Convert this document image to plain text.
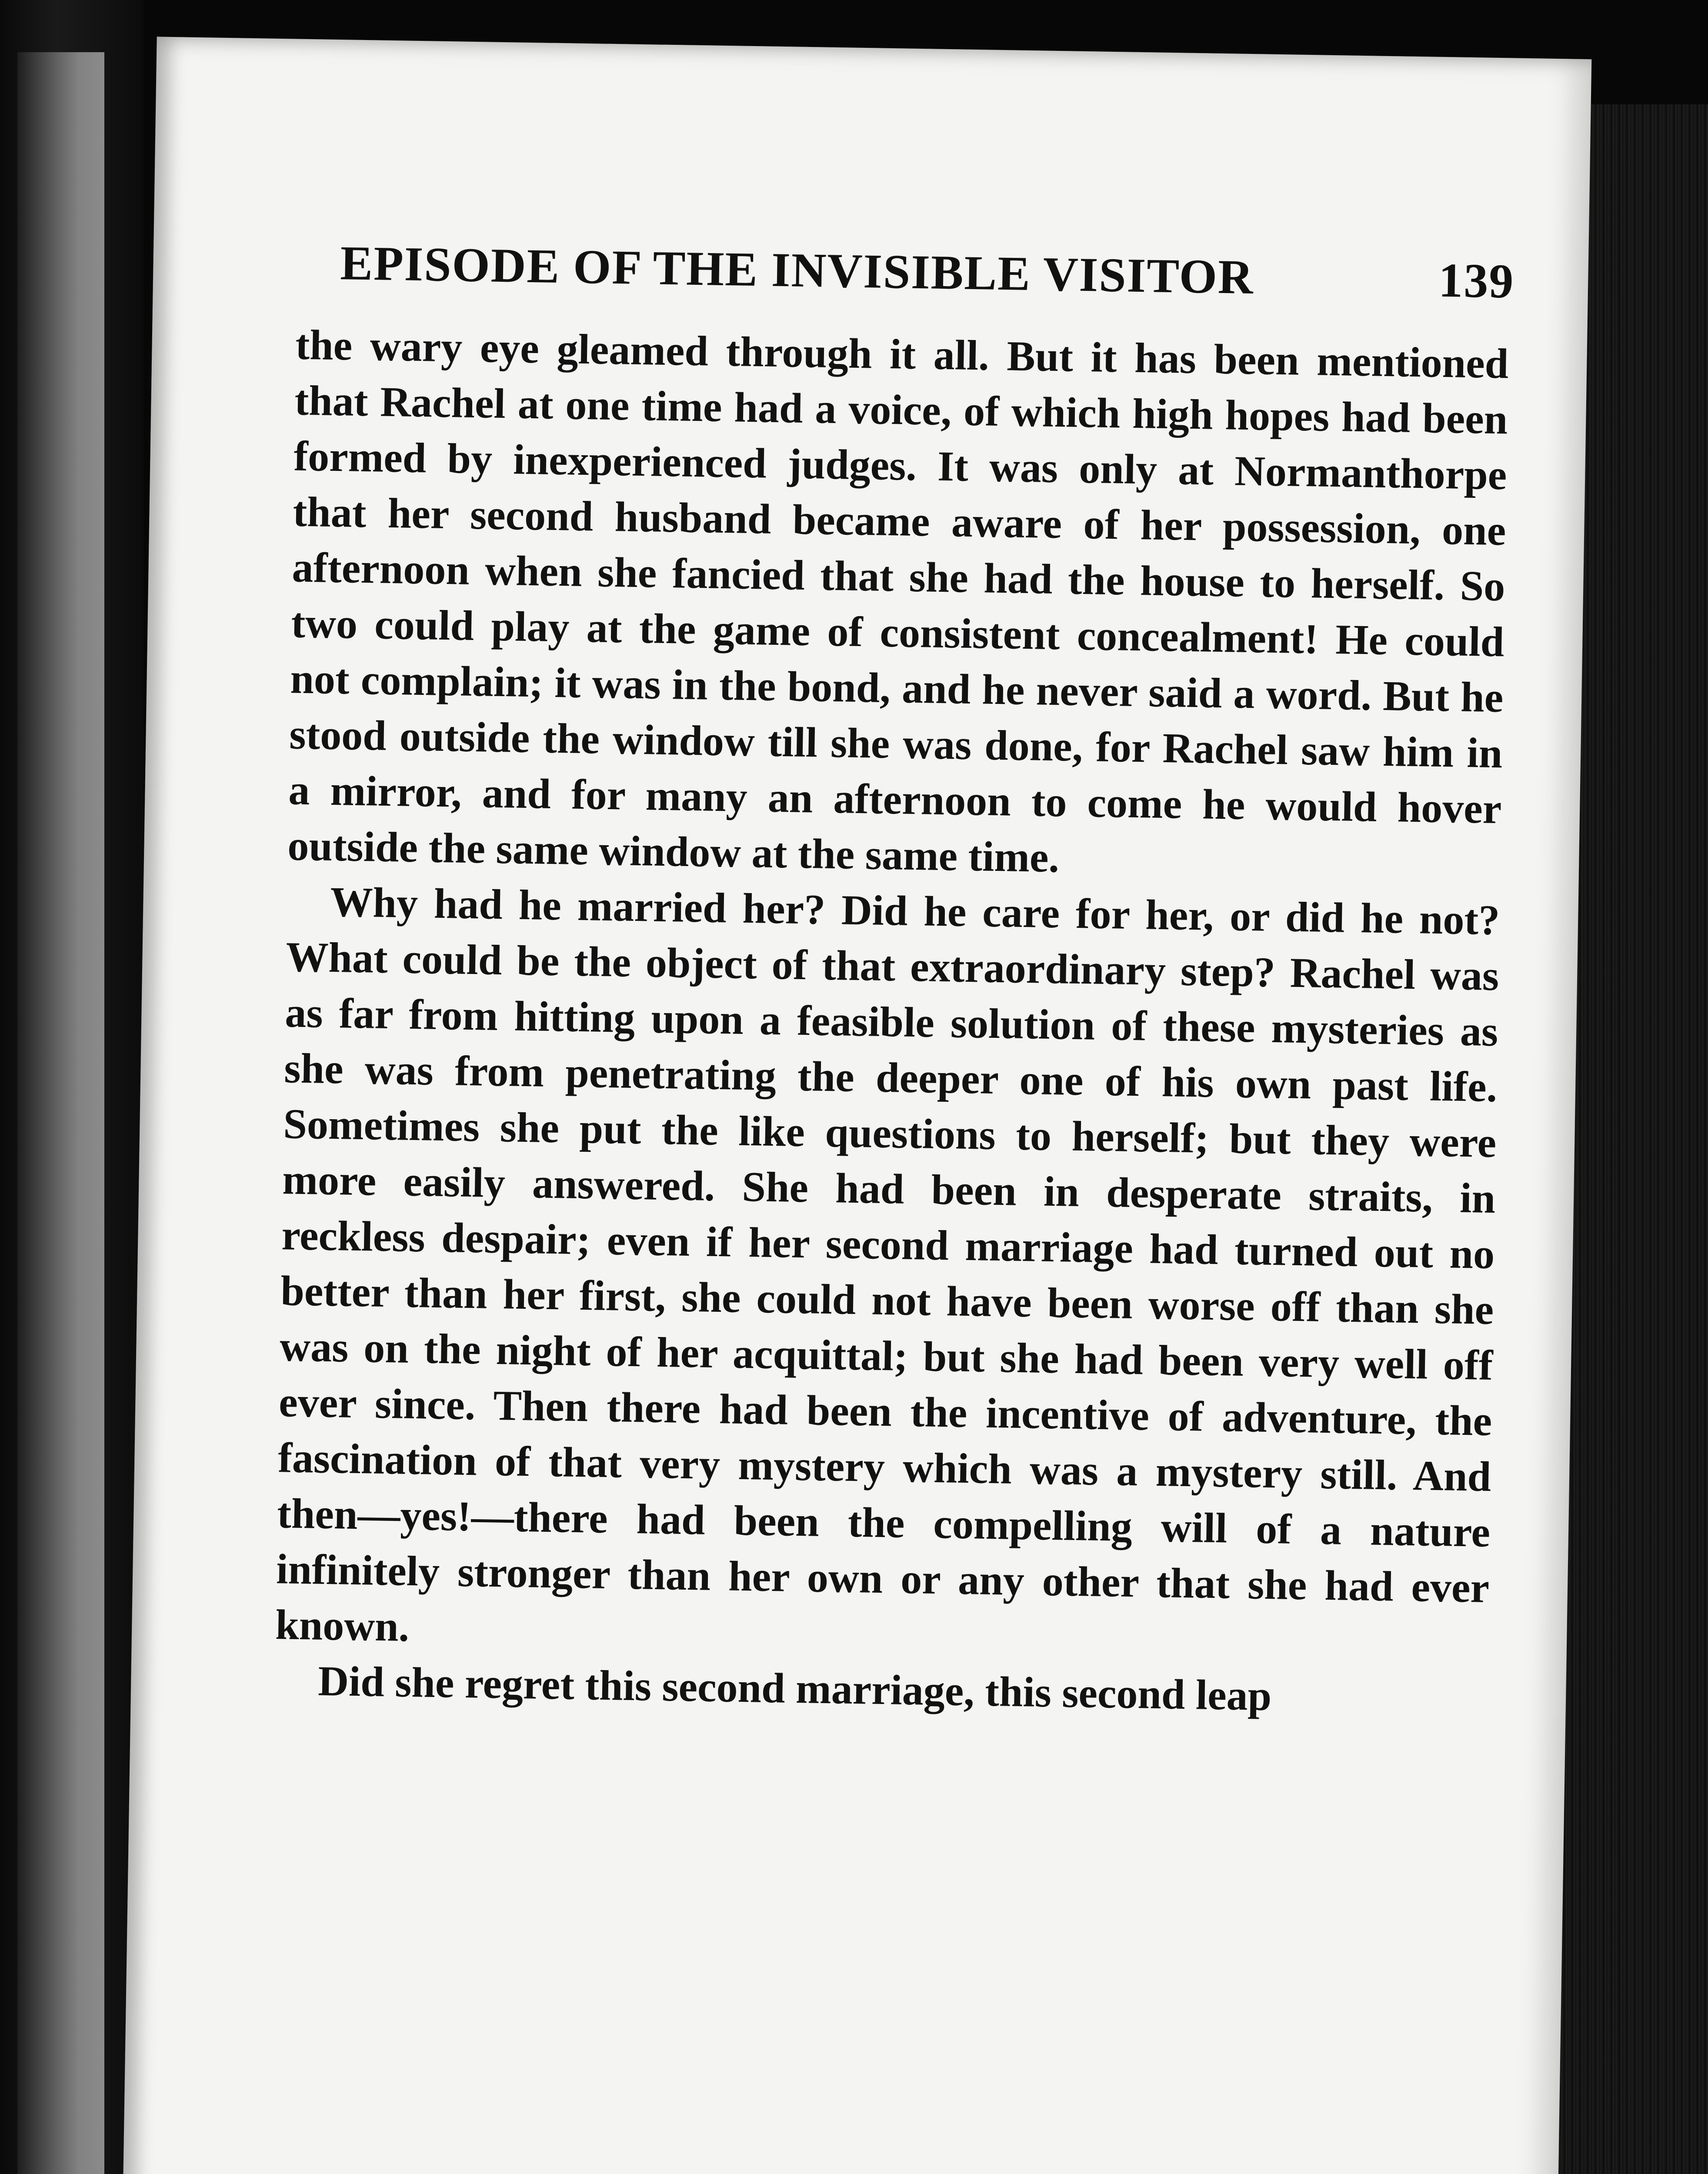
EPISODE OF THE INVISIBLE VISITOR	139

the wary eye gleamed through it all. But it has been mentioned that Rachel at one time had a voice, of which high hopes had been formed by inexperienced judges. It was only at Normanthorpe that her second husband became aware of her possession, one afternoon when she fancied that she had the house to herself. So two could play at the game of consistent concealment! He could not complain; it was in the bond, and he never said a word. But he stood outside the window till she was done, for Rachel saw him in a mirror, and for many an afternoon to come he would hover outside the same window at the same time.

Why had he married her? Did he care for her, or did he not? What could be the object of that extraordinary step? Rachel was as far from hitting upon a feasible solution of these mysteries as she was from penetrating the deeper one of his own past life. Sometimes she put the like questions to herself; but they were more easily answered. She had been in desperate straits, in reckless despair; even if her second marriage had turned out no better than her first, she could not have been worse off than she was on the night of her acquittal; but she had been very well off ever since. Then there had been the incentive of adventure, the fascination of that very mystery which was a mystery still. And then—yes!—there had been the compelling will of a nature infinitely stronger than her own or any other that she had ever known.

Did she regret this second marriage, this second leap
